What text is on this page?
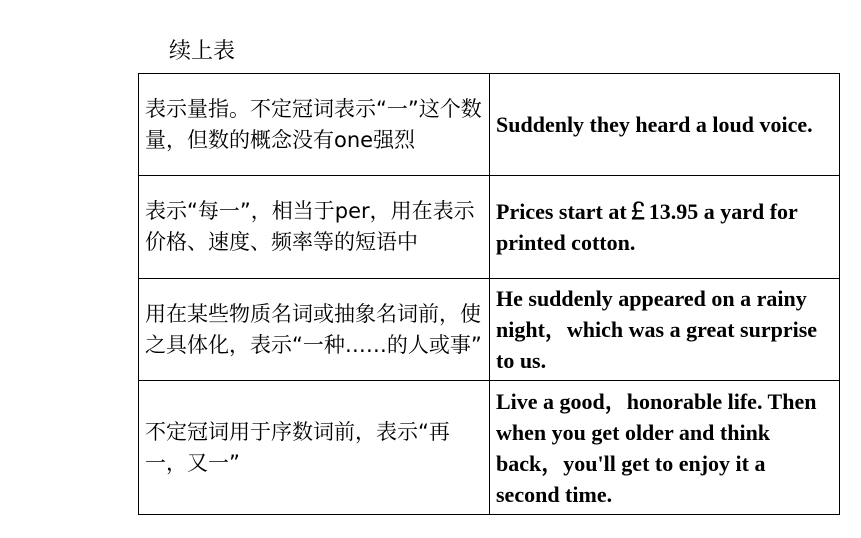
续上表
表示量指。不定冠词表示“一”这个数量，但数的概念没有one强烈	Suddenly they heard a loud voice.
表示“每一”，相当于per，用在表示价格、速度、频率等的短语中	Prices start at￡13.95 a yard for printed cotton.
用在某些物质名词或抽象名词前，使之具体化，表示“一种……的人或事”	He suddenly appeared on a rainy night，which was a great surprise to us.
不定冠词用于序数词前，表示“再一，又一”	Live a good，honorable life. Then when you get older and think back，you'll get to enjoy it a second time.
